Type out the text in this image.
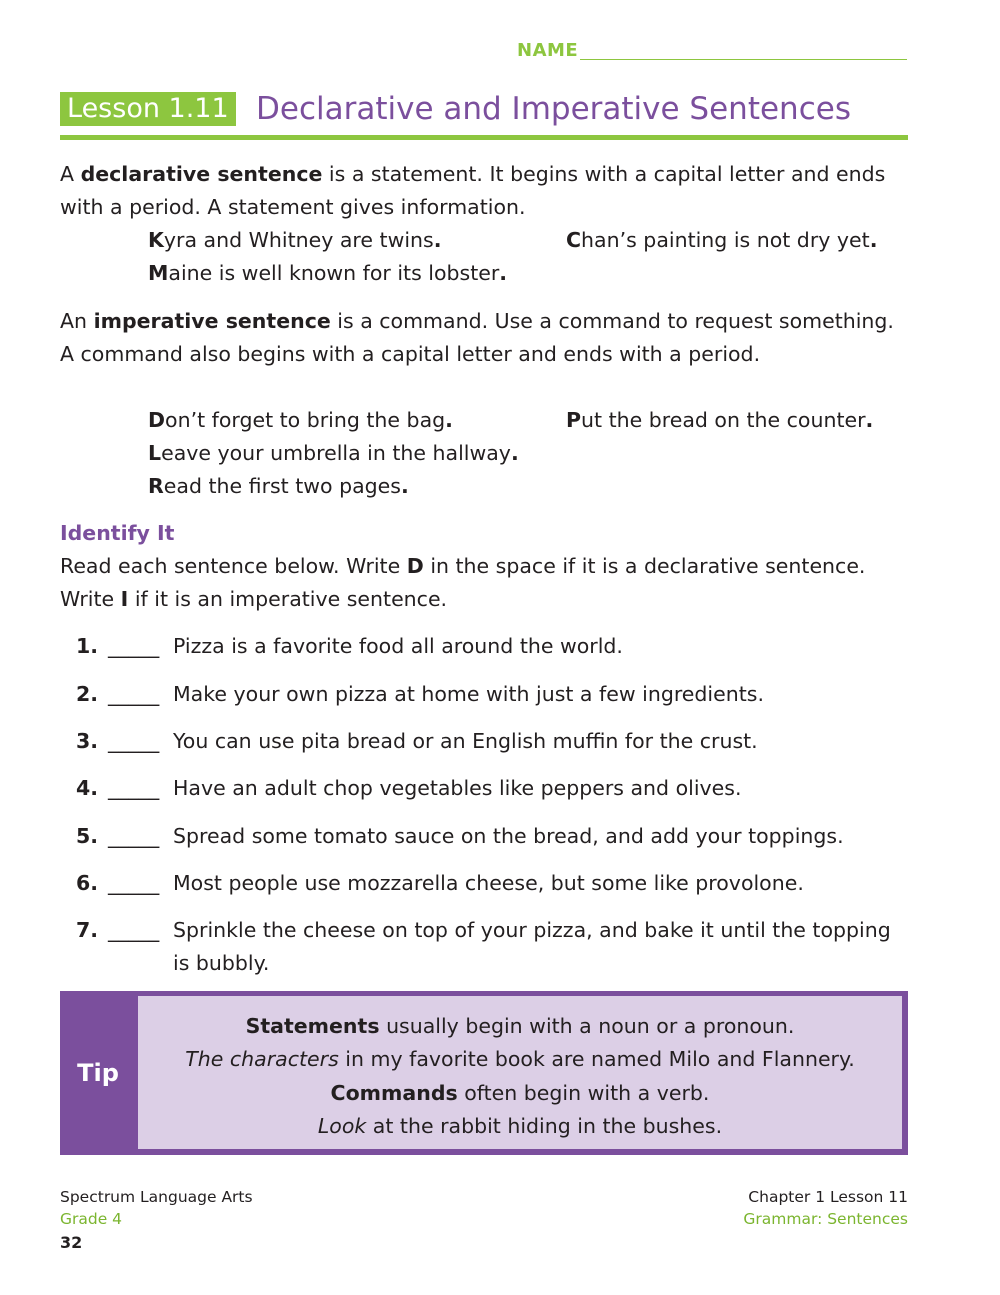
NAME
Lesson 1.11 Declarative and Imperative Sentences
A declarative sentence is a statement. It begins with a capital letter and ends with a period. A statement gives information.
Kyra and Whitney are twins.	Chan’s painting is not dry yet.
Maine is well known for its lobster.
An imperative sentence is a command. Use a command to request something. A command also begins with a capital letter and ends with a period.
Don’t forget to bring the bag.	Put the bread on the counter.
Leave your umbrella in the hallway.
Read the first two pages.
Identify It
Read each sentence below. Write D in the space if it is a declarative sentence. Write I if it is an imperative sentence.
1. _____ Pizza is a favorite food all around the world.
2. _____ Make your own pizza at home with just a few ingredients.
3. _____ You can use pita bread or an English muffin for the crust.
4. _____ Have an adult chop vegetables like peppers and olives.
5. _____ Spread some tomato sauce on the bread, and add your toppings.
6. _____ Most people use mozzarella cheese, but some like provolone.
7. _____ Sprinkle the cheese on top of your pizza, and bake it until the topping is bubbly.
Tip
Statements usually begin with a noun or a pronoun.
The characters in my favorite book are named Milo and Flannery.
Commands often begin with a verb.
Look at the rabbit hiding in the bushes.
Spectrum Language Arts
Grade 4
Chapter 1 Lesson 11
Grammar: Sentences
32
